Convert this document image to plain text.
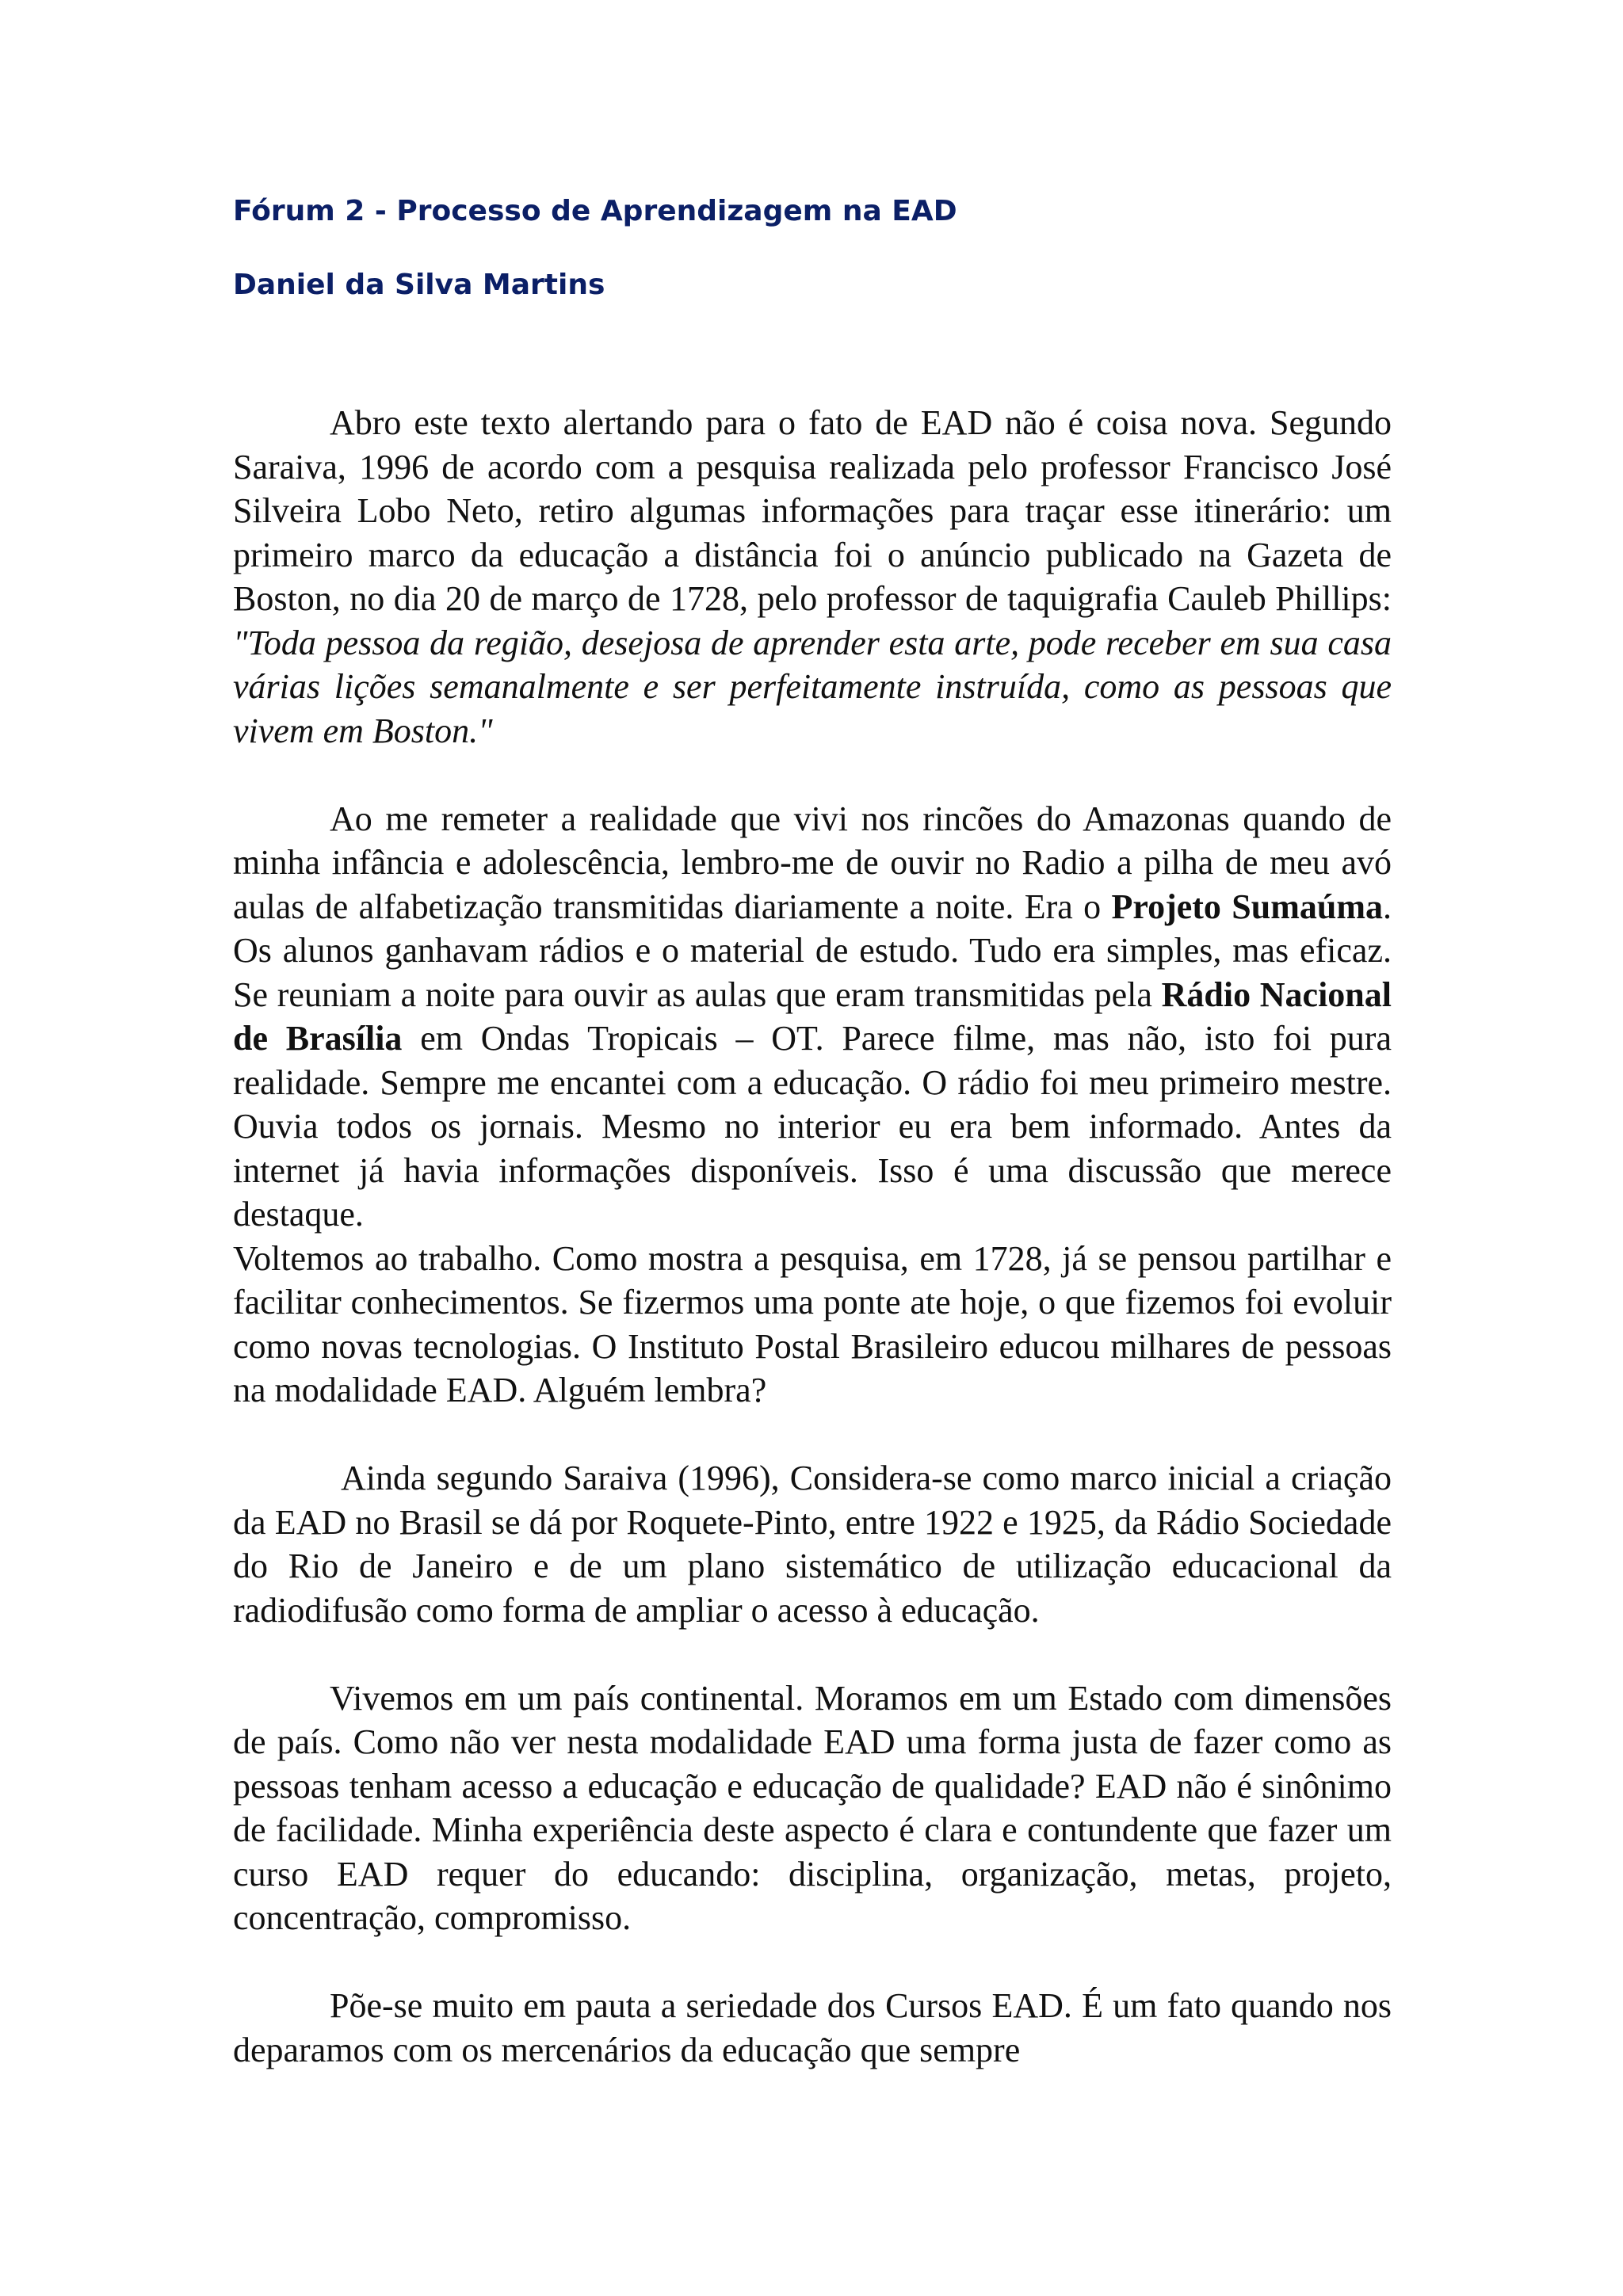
Fórum 2 - Processo de Aprendizagem na EAD
Daniel da Silva Martins

Abro este texto alertando para o fato de EAD não é coisa nova. Segundo Saraiva, 1996 de acordo com a pesquisa realizada pelo professor Francisco José Silveira Lobo Neto, retiro algumas informações para traçar esse itinerário: um primeiro marco da educação a distância foi o anúncio publicado na Gazeta de Boston, no dia 20 de março de 1728, pelo professor de taquigrafia Cauleb Phillips: "Toda pessoa da região, desejosa de aprender esta arte, pode receber em sua casa várias lições semanalmente e ser perfeitamente instruída, como as pessoas que vivem em Boston."

Ao me remeter a realidade que vivi nos rincões do Amazonas quando de minha infância e adolescência, lembro-me de ouvir no Radio a pilha de meu avó aulas de alfabetização transmitidas diariamente a noite. Era o Projeto Sumaúma. Os alunos ganhavam rádios e o material de estudo. Tudo era simples, mas eficaz. Se reuniam a noite para ouvir as aulas que eram transmitidas pela Rádio Nacional de Brasília em Ondas Tropicais – OT. Parece filme, mas não, isto foi pura realidade. Sempre me encantei com a educação. O rádio foi meu primeiro mestre. Ouvia todos os jornais. Mesmo no interior eu era bem informado. Antes da internet já havia informações disponíveis. Isso é uma discussão que merece destaque.

Voltemos ao trabalho. Como mostra a pesquisa, em 1728, já se pensou partilhar e facilitar conhecimentos. Se fizermos uma ponte ate hoje, o que fizemos foi evoluir como novas tecnologias. O Instituto Postal Brasileiro educou milhares de pessoas na modalidade EAD. Alguém lembra?

Ainda segundo Saraiva (1996), Considera-se como marco inicial a criação da EAD no Brasil se dá por Roquete-Pinto, entre 1922 e 1925, da Rádio Sociedade do Rio de Janeiro e de um plano sistemático de utilização educacional da radiodifusão como forma de ampliar o acesso à educação.

Vivemos em um país continental. Moramos em um Estado com dimensões de país. Como não ver nesta modalidade EAD uma forma justa de fazer como as pessoas tenham acesso a educação e educação de qualidade? EAD não é sinônimo de facilidade. Minha experiência deste aspecto é clara e contundente que fazer um curso EAD requer do educando: disciplina, organização, metas, projeto, concentração, compromisso.

Põe-se muito em pauta a seriedade dos Cursos EAD. É um fato quando nos deparamos com os mercenários da educação que sempre
